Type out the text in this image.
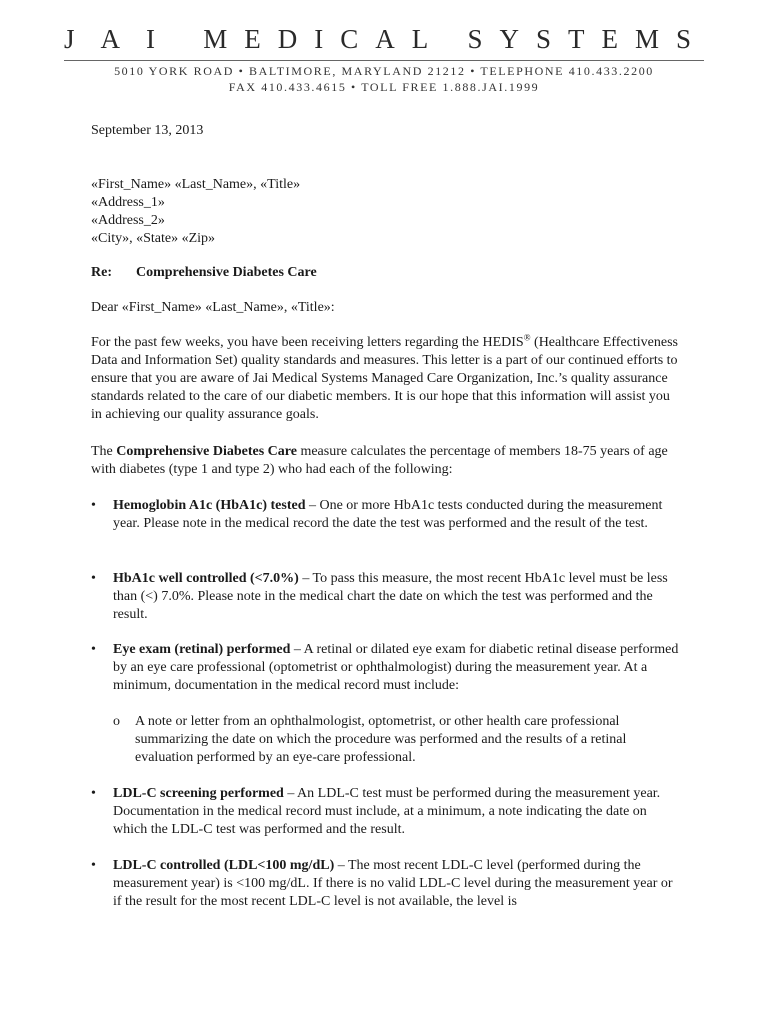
JAI MEDICAL SYSTEMS
5010 YORK ROAD • BALTIMORE, MARYLAND 21212 • TELEPHONE 410.433.2200
FAX 410.433.4615 • TOLL FREE 1.888.JAI.1999

September 13, 2013

«First_Name» «Last_Name», «Title»

«Address_1»

«Address_2»

«City», «State» «Zip»

Re: Comprehensive Diabetes Care

Dear «First_Name» «Last_Name», «Title»:

For the past few weeks, you have been receiving letters regarding the HEDIS® (Healthcare Effectiveness Data and Information Set) quality standards and measures. This letter is a part of our continued efforts to ensure that you are aware of Jai Medical Systems Managed Care Organization, Inc.’s quality assurance standards related to the care of our diabetic members. It is our hope that this information will assist you in achieving our quality assurance goals.

The Comprehensive Diabetes Care measure calculates the percentage of members 18-75 years of age with diabetes (type 1 and type 2) who had each of the following:

•	Hemoglobin A1c (HbA1c) tested – One or more HbA1c tests conducted during the measurement year. Please note in the medical record the date the test was performed and the result of the test.

•	HbA1c well controlled (<7.0%) – To pass this measure, the most recent HbA1c level must be less than (<) 7.0%. Please note in the medical chart the date on which the test was performed and the result.

•	Eye exam (retinal) performed – A retinal or dilated eye exam for diabetic retinal disease performed by an eye care professional (optometrist or ophthalmologist) during the measurement year. At a minimum, documentation in the medical record must include:

o A note or letter from an ophthalmologist, optometrist, or other health care professional summarizing the date on which the procedure was performed and the results of a retinal evaluation performed by an eye-care professional.

•	LDL-C screening performed – An LDL-C test must be performed during the measurement year. Documentation in the medical record must include, at a minimum, a note indicating the date on which the LDL-C test was performed and the result.

•	LDL-C controlled (LDL<100 mg/dL) – The most recent LDL-C level (performed during the measurement year) is <100 mg/dL. If there is no valid LDL-C level during the measurement year or if the result for the most recent LDL-C level is not available, the level is
